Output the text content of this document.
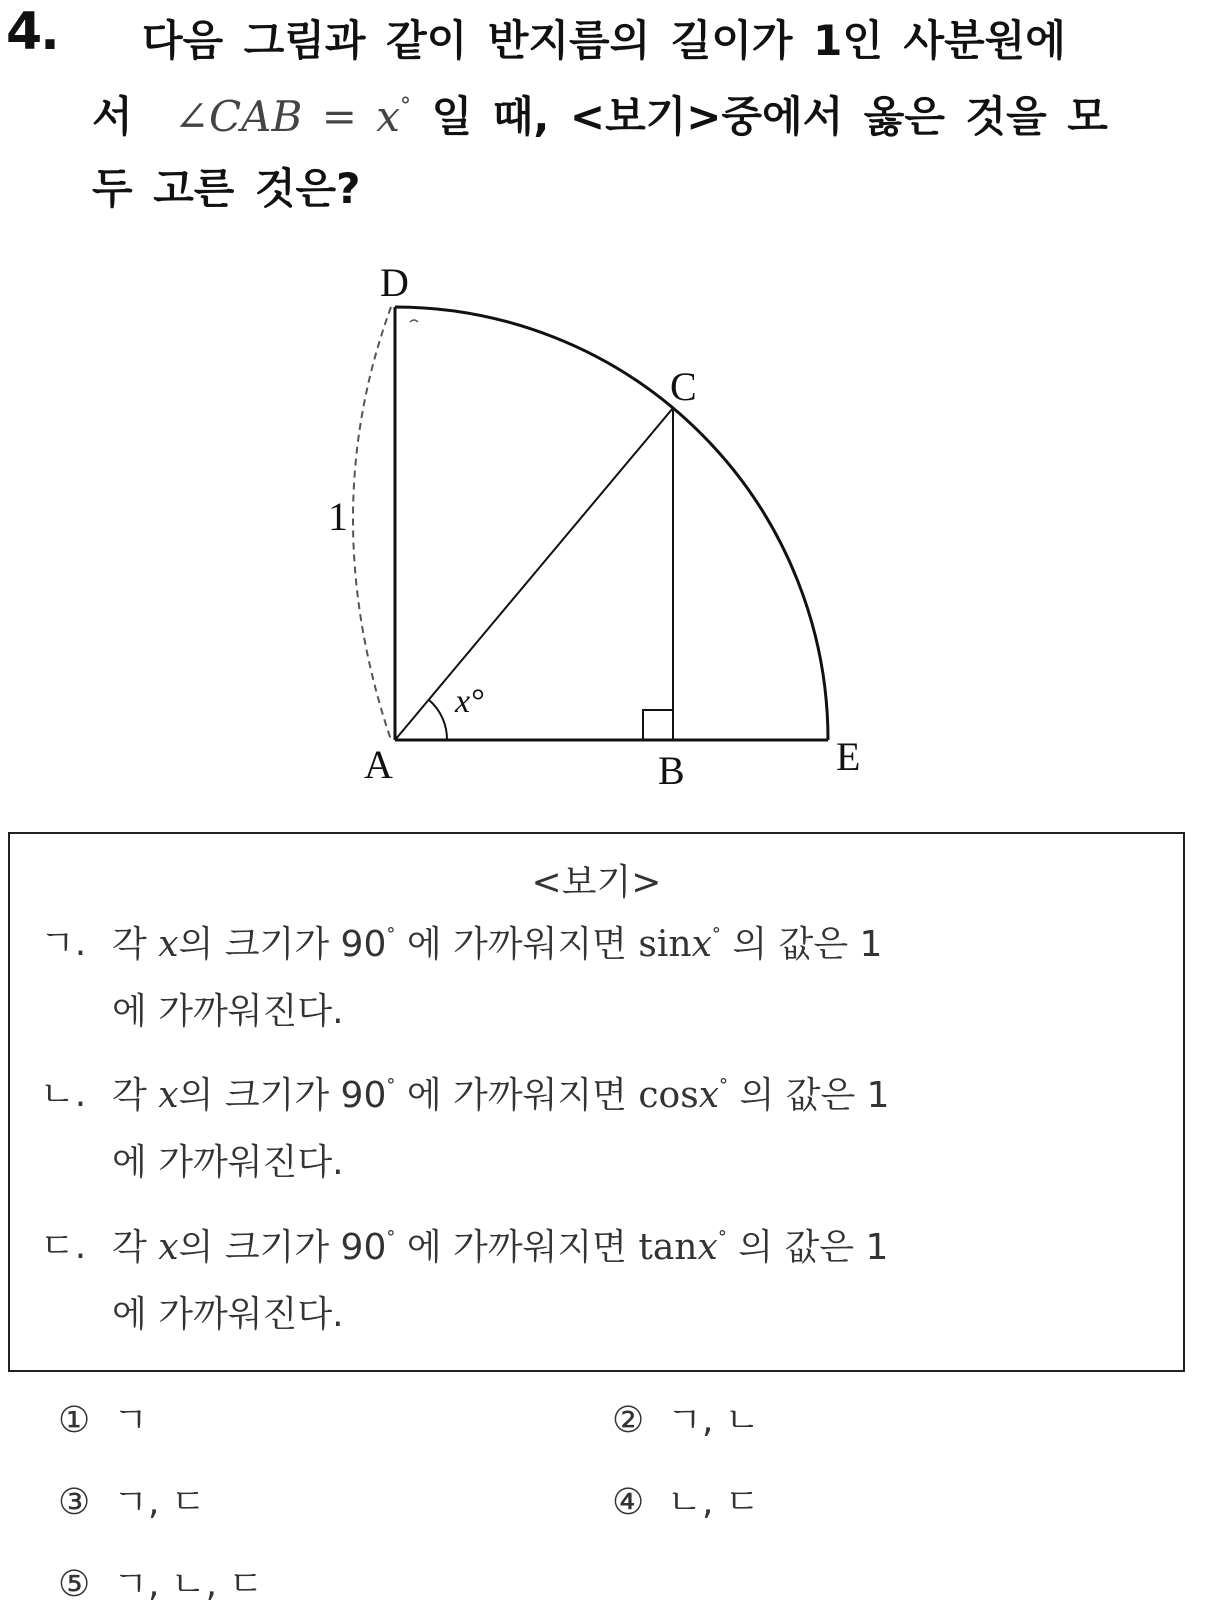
4. 다음 그림과 같이 반지름의 길이가 1인 사분원에
서 ∠CAB = x° 일 때, <보기>중에서 옳은 것을 모
두 고른 것은?
D
C
A	B	E
1
x°
<보기>
ㄱ. 각 x의 크기가 90° 에 가까워지면 sinx° 의 값은 1
에 가까워진다.
ㄴ. 각 x의 크기가 90° 에 가까워지면 cosx° 의 값은 1
에 가까워진다.
ㄷ. 각 x의 크기가 90° 에 가까워지면 tanx° 의 값은 1
에 가까워진다.
① ㄱ	② ㄱ, ㄴ
③ ㄱ, ㄷ	④ ㄴ, ㄷ
⑤ ㄱ, ㄴ, ㄷ
